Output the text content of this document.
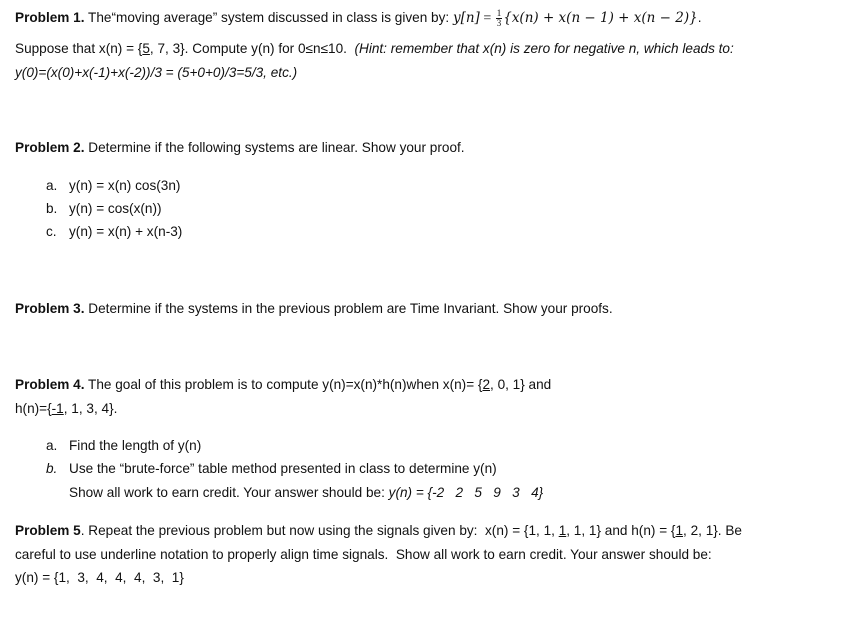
Problem 1. The“moving average” system discussed in class is given by: $y[n] = \frac{1}{3} \{x(n) + x(n - 1) + x(n - 2)\}$.
Suppose that x(n) = {5, 7, 3}. Compute y(n) for 0≤n≤10.  (Hint: remember that x(n) is zero for negative n, which leads to:
y(0)=(x(0)+x(-1)+x(-2))/3 = (5+0+0)/3=5/3, etc.)
Problem 2. Determine if the following systems are linear. Show your proof.
a. y(n) = x(n) cos(3n)
b. y(n) = cos(x(n))
c. y(n) = x(n) + x(n-3)
Problem 3. Determine if the systems in the previous problem are Time Invariant. Show your proofs.
Problem 4. The goal of this problem is to compute y(n)=x(n)*h(n)when x(n)= {2, 0, 1} and
h(n)={-1, 1, 3, 4}.
a. Find the length of y(n)
b. Use the “brute-force” table method presented in class to determine y(n)
Show all work to earn credit. Your answer should be: y(n) = {-2   2   5   9   3   4}
Problem 5. Repeat the previous problem but now using the signals given by:  x(n) = {1, 1, 1, 1, 1} and h(n) = {1, 2, 1}. Be
careful to use underline notation to properly align time signals.  Show all work to earn credit. Your answer should be:
y(n) = {1,  3,  4,  4,  4,  3,  1}
